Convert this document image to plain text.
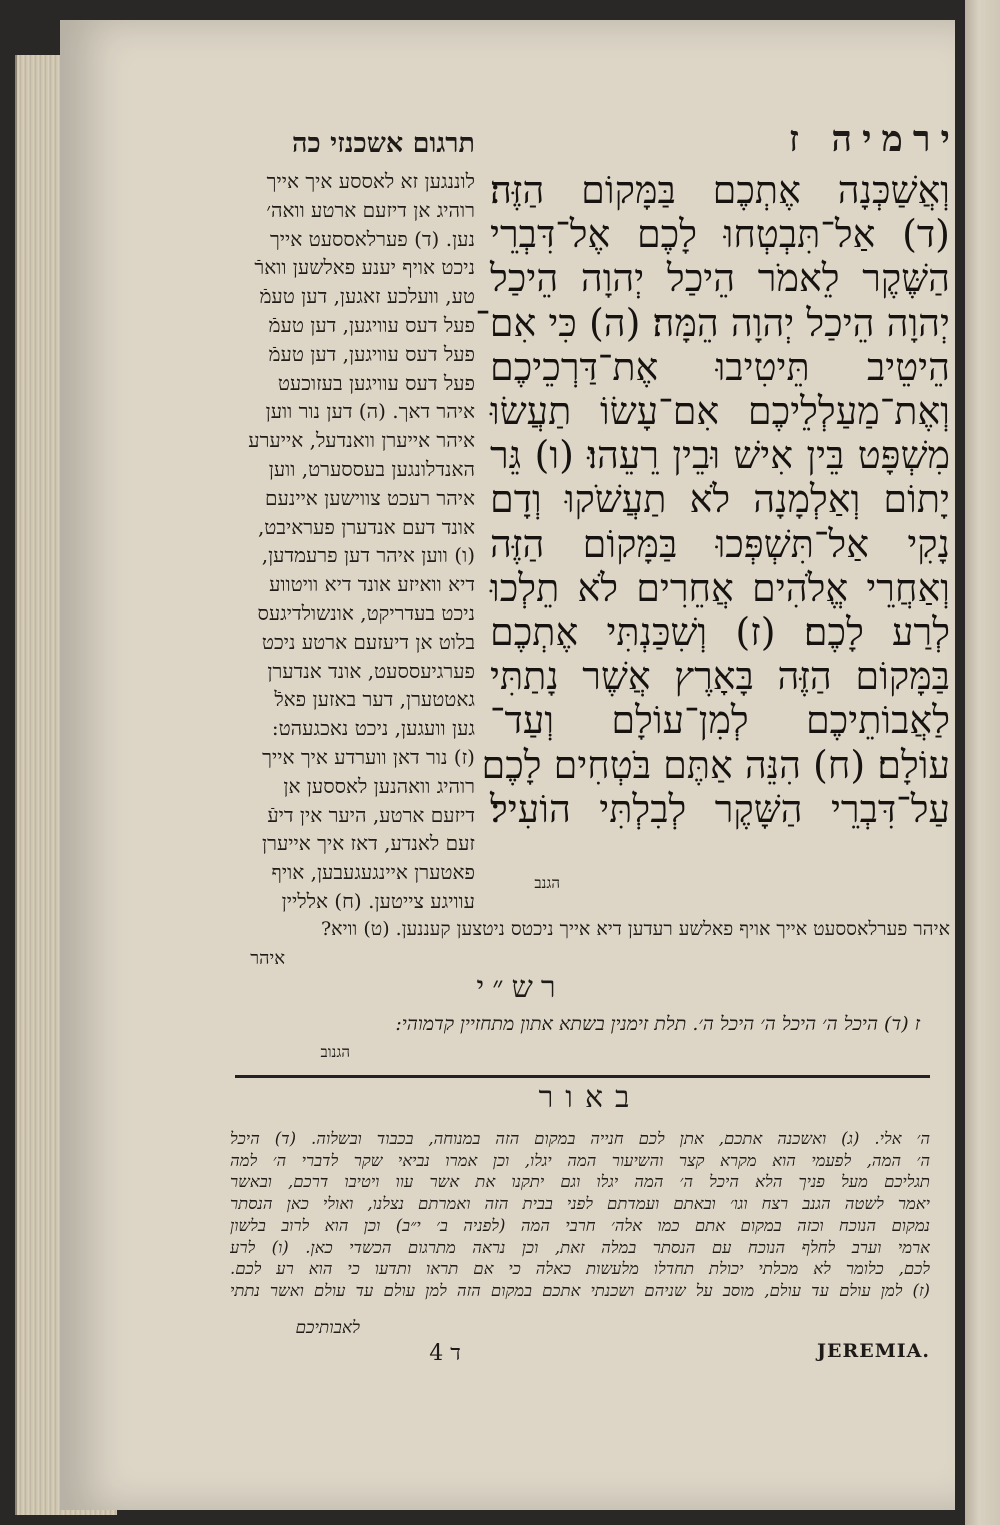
ירמיה ז
תרגום אשכנזי כה
וְאֲשַׁכְּנָה אֶתְכֶם בַּמָּקוֹם הַזֶּה׃
(ד) אַל־תִּבְטְחוּ לָכֶם אֶל־דִּבְרֵי
הַשֶּׁקֶר לֵאמֹר הֵיכַל יְהוָה הֵיכַל
יְהוָה הֵיכַל יְהוָה הֵמָּה׃ (ה) כִּי אִם־
הֵיטֵיב תֵּיטִיבוּ אֶת־דַּרְכֵיכֶם
וְאֶת־מַעַלְלֵיכֶם אִם־עָשׂוֹ תַעֲשׂוּ
מִשְׁפָּט בֵּין אִישׁ וּבֵין רֵעֵהוּ׃ (ו) גֵּר
יָתוֹם וְאַלְמָנָה לֹא תַעֲשֹׁקוּ וְדָם
נָקִי אַל־תִּשְׁפְּכוּ בַּמָּקוֹם הַזֶּה
וְאַחֲרֵי אֱלֹהִים אֲחֵרִים לֹא תֵלְכוּ
לְרַע לָכֶם׃ (ז) וְשִׁכַּנְתִּי אֶתְכֶם
בַּמָּקוֹם הַזֶּה בָּאָרֶץ אֲשֶׁר נָתַתִּי
לַאֲבוֹתֵיכֶם לְמִן־עוֹלָם וְעַד־
עוֹלָם׃ (ח) הִנֵּה אַתֶּם בֹּטְחִים לָכֶם
עַל־דִּבְרֵי הַשָּׁקֶר לְבִלְתִּי הוֹעִיל׃
הגנב
לוננגען זא לאססע איך אייך
רוהיג אן דיזעם ארטע וואה׳
נען. (ד) פערלאססעט אייך
ניכט אויף יענע פאלשען ווארֿ
טע, וועלכע זאגען, דען טעמֿ
פעל דעס עוויגען, דען טעמֿ
פעל דעס עוויגען, דען טעמֿ
פעל דעס עוויגען בעזוכעט
איהר דאך. (ה) דען נור ווען
איהר אייערן וואנדעל, אייערע
האנדלונגען בעססערט, ווען
איהר רעכט צווישען איינעם
אונד דעם אנדערן פעראיבט,
(ו) ווען איהר דען פרעמדען,
דיא וואיזע אונד דיא וויטווע
ניכט בעדריקט, אונשולדיגעס
בלוט אן דיעזעם ארטע ניכט
פערגיעססעט, אונד אנדערן
גאטטערן, דער באזען פאלֿ
גען וועגען, ניכט נאכגעהט:
(ז) נור דאן ווערדע איך אייך
רוהיג וואהנען לאססען אן
דיזעם ארטע, היער אין דיעֿ
זעם לאנדע, דאז איך אייערן
פאטערן איינגעגעבען, אויף
עוויגע צייטען. (ח) אלליין
איהר פערלאססעט אייך אויף פאלשע רעדען דיא אייך ניכטס ניטצען קעננען. (ט) וויא?
איהר
רש״י
ז (ד) היכל ה׳ היכל ה׳ היכל ה׳. תלת זימנין בשתא אתון מתחזיין קדמוהי:
הגנוב
באור
ה׳ אלי. (ג) ואשכנה אתכם, אתן לכם חנייה במקום הזה במנוחה, בכבוד ובשלוה. (ד) היכל
ה׳ המה, לפעמי הוא מקרא קצר והשיעור המה יגלו, וכן אמרו נביאי שקר לדברי ה׳ למה
תגליכם מעל פניך הלא היכל ה׳ המה יגלו וגם יתקנו את אשר עוו ויטיבו דרכם, ובאשר
יאמר לשטה הגנב רצח וגו׳ ובאתם ועמדתם לפני בבית הזה ואמרתם נצלנו, ואולי כאן הנסתר
נמקום הנוכח וכזה במקום אתם כמו אלה׳ חרבי המה (לפניה ב׳ י״ב) וכן הוא לרוב בלשון
ארמי וערב לחלף הנוכח עם הנסתר במלה זאת, וכן נראה מתרגום הכשדי כאן. (ו) לרע
לכם, כלומר לא מכלתי יכולת תחדלו מלעשות כאלה כי אם תראו ותדעו כי הוא רע לכם.
(ז) למן עולם עד עולם, מוסב על שניהם ושכנתי אתכם במקום הזה למן עולם עד עולם ואשר נתתי
לאבותיכם
4 ד	JEREMIA.
